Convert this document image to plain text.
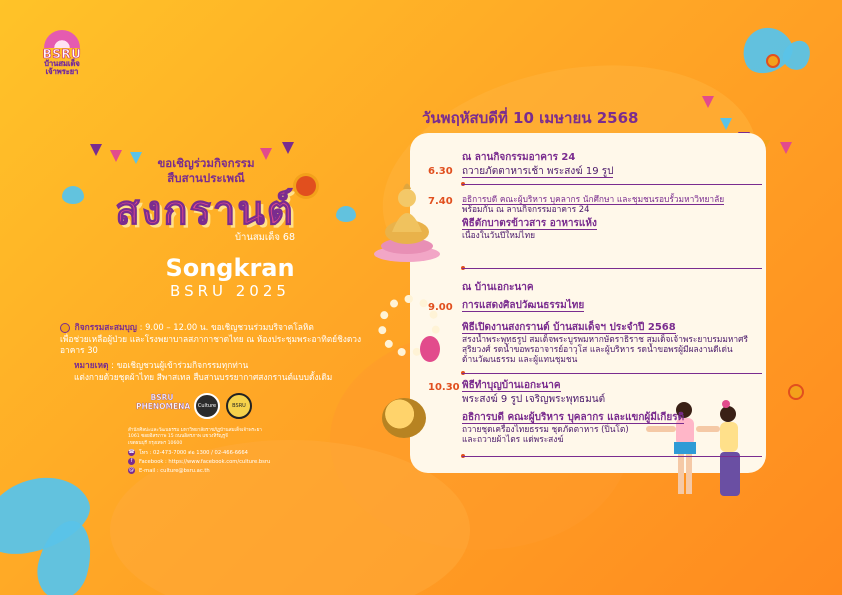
BSRU
บ้านสมเด็จ
เจ้าพระยา
ขอเชิญร่วมกิจกรรม
สืบสานประเพณี
สงกรานต์
บ้านสมเด็จ 68
Songkran
BSRU 2025
กิจกรรมสะสมบุญ : 9.00 – 12.00 น. ขอเชิญชวนร่วมบริจาคโลหิต
เพื่อช่วยเหลือผู้ป่วย และโรงพยาบาลสภากาชาดไทย ณ ห้องประชุมพระอาทิตย์ชิงดวง อาคาร 30
หมายเหตุ : ขอเชิญชวนผู้เข้าร่วมกิจกรรมทุกท่าน
แต่งกายด้วยชุดผ้าไทย สีพาสเทล สืบสานบรรยากาศสงกรานต์แบบดั้งเดิม
BSRU
PHENOMENA	Culture	BSRU
สำนักศิลปะและวัฒนธรรม มหาวิทยาลัยราชภัฏบ้านสมเด็จเจ้าพระยา
1061 ซอยอิสรภาพ 15 ถนนอิสรภาพ แขวงหิรัญรูจี
เขตธนบุรี กรุงเทพฯ 10600
☎ โทร : 02-473-7000 ต่อ 1300 / 02-466-6664
f	Facebook : https://www.facebook.com/culture.bsru
@ E-mail : culture@bsru.ac.th
วันพฤหัสบดีที่ 10 เมษายน 2568
6.30
ณ ลานกิจกรรมอาคาร 24
ถวายภัตตาหารเช้า พระสงฆ์ 19 รูป
7.40 อธิการบดี คณะผู้บริหาร บุคลากร นักศึกษา และชุมชนรอบรั้วมหาวิทยาลัย
พร้อมกัน ณ ลานกิจกรรมอาคาร 24
พิธีตักบาตรข้าวสาร อาหารแห้ง
เนื่องในวันปีใหม่ไทย
ณ บ้านเอกะนาค
9.00 การแสดงศิลปวัฒนธรรมไทย
พิธีเปิดงานสงกรานต์ บ้านสมเด็จฯ ประจำปี 2568
สรงน้ำพระพุทธรูป สมเด็จพระบูรพมหากษัตราธิราช สมเด็จเจ้าพระยาบรมมหาศรี
สุริยวงศ์ รดน้ำขอพรอาจารย์อาวุโส และผู้บริหาร รดน้ำขอพรผู้มีผลงานดีเด่น
ด้านวัฒนธรรม และผู้แทนชุมชน
10.30 พิธีทำบุญบ้านเอกะนาค
พระสงฆ์ 9 รูป เจริญพระพุทธมนต์
อธิการบดี คณะผู้บริหาร บุคลากร และแขกผู้มีเกียรติ
ถวายชุดเครื่องไทยธรรม ชุดภัตตาหาร (ปิ่นโต)
และถวายผ้าไตร แด่พระสงฆ์
